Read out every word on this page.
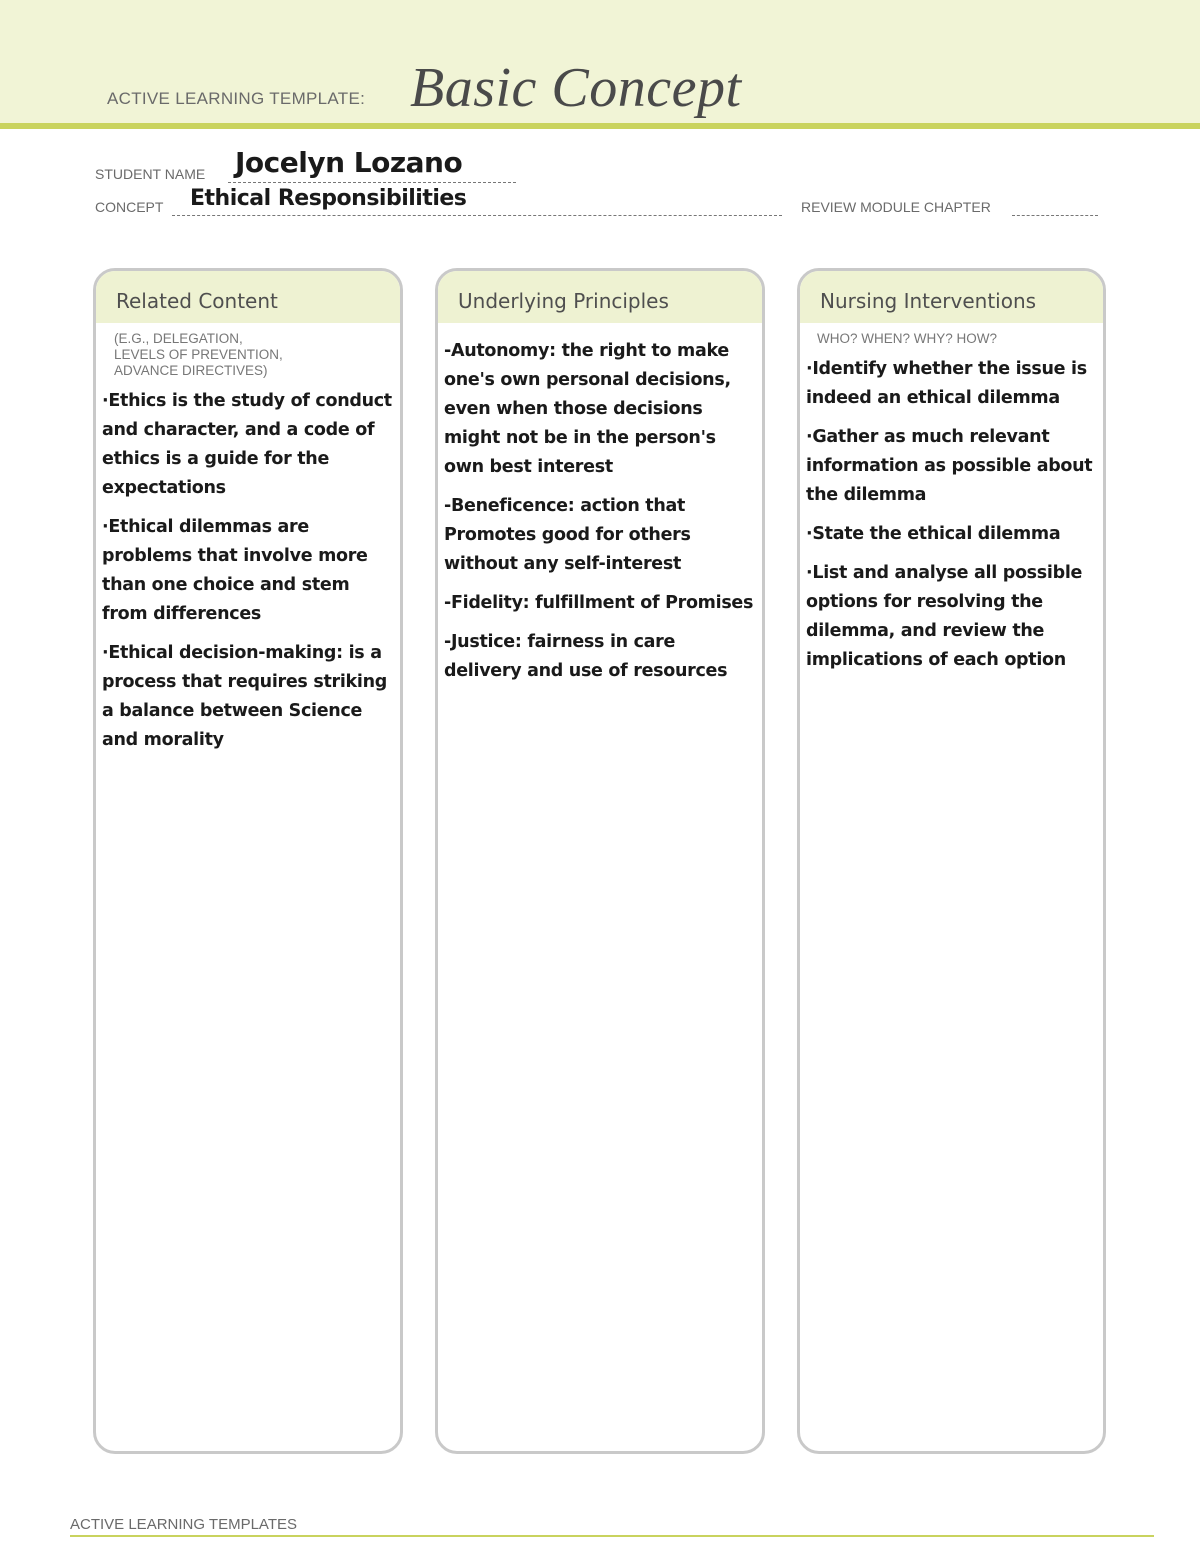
ACTIVE LEARNING TEMPLATE: Basic Concept
STUDENT NAME Jocelyn Lozano
CONCEPT Ethical Responsibilities	REVIEW MODULE CHAPTER
Related Content
(E.G., DELEGATION,
LEVELS OF PREVENTION,
ADVANCE DIRECTIVES)
·Ethics is the study of conduct and character, and a code of ethics is a guide for the expectations
·Ethical dilemmas are problems that involve more than one choice and stem from differences
·Ethical decision-making: is a process that requires striking a balance between Science and morality
Underlying Principles
-Autonomy: the right to make one's own personal decisions, even when those decisions might not be in the person's own best interest
-Beneficence: action that Promotes good for others without any self-interest
-Fidelity: fulfillment of Promises
-Justice: fairness in care delivery and use of resources
Nursing Interventions
WHO? WHEN? WHY? HOW?
·Identify whether the issue is indeed an ethical dilemma
·Gather as much relevant information as possible about the dilemma
·State the ethical dilemma
·List and analyse all possible options for resolving the dilemma, and review the implications of each option
ACTIVE LEARNING TEMPLATES
